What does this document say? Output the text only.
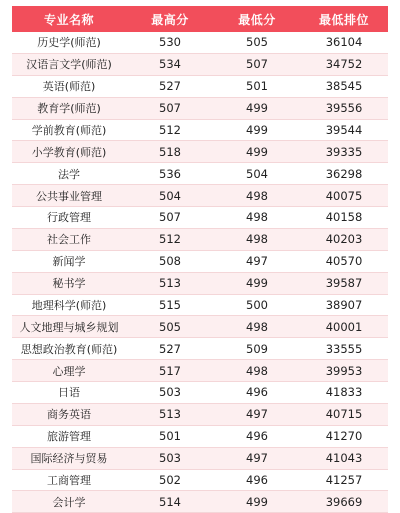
专业名称	最高分	最低分	最低排位
历史学(师范)	530	505	36104
汉语言文学(师范)	534	507	34752
英语(师范)	527	501	38545
教育学(师范)	507	499	39556
学前教育(师范)	512	499	39544
小学教育(师范)	518	499	39335
法学	536	504	36298
公共事业管理	504	498	40075
行政管理	507	498	40158
社会工作	512	498	40203
新闻学	508	497	40570
秘书学	513	499	39587
地理科学(师范)	515	500	38907
人文地理与城乡规划	505	498	40001
思想政治教育(师范)	527	509	33555
心理学	517	498	39953
日语	503	496	41833
商务英语	513	497	40715
旅游管理	501	496	41270
国际经济与贸易	503	497	41043
工商管理	502	496	41257
会计学	514	499	39669
